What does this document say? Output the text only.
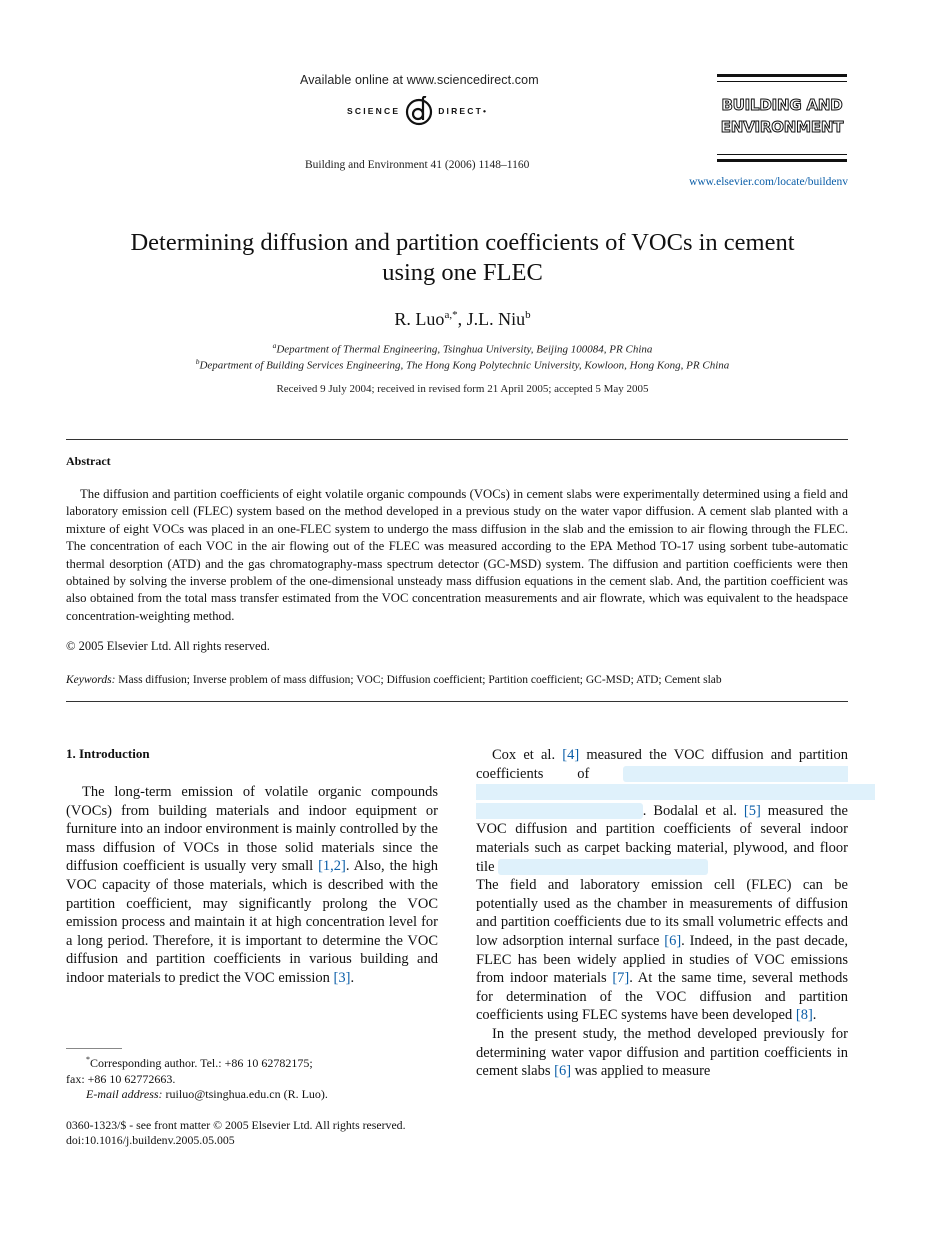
Available online at www.sciencedirect.com
SCIENCE	DIRECT •
Building and Environment 41 (2006) 1148–1160
BUILDING AND
ENVIRONMENT
www.elsevier.com/locate/buildenv
Determining diffusion and partition coefficients of VOCs in cement
using one FLEC
R. Luo$^{a,*}$, J.L. Niu$^b$
$^a$Department of Thermal Engineering, Tsinghua University, Beijing 100084, PR China
$^b$Department of Building Services Engineering, The Hong Kong Polytechnic University, Kowloon, Hong Kong, PR China
Received 9 July 2004; received in revised form 21 April 2005; accepted 5 May 2005
Abstract
The diffusion and partition coefficients of eight volatile organic compounds (VOCs) in cement slabs were experimentally determined using a field and laboratory emission cell (FLEC) system based on the method developed in a previous study on the water vapor diffusion. A cement slab planted with a mixture of eight VOCs was placed in an one-FLEC system to undergo the mass diffusion in the slab and the emission to air flowing through the FLEC. The concentration of each VOC in the air flowing out of the FLEC was measured according to the EPA Method TO-17 using sorbent tube-automatic thermal desorption (ATD) and the gas chromatography-mass spectrum detector (GC-MSD) system. The diffusion and partition coefficients were then obtained by solving the inverse problem of the one-dimensional unsteady mass diffusion equations in the cement slab. And, the partition coefficient was also obtained from the total mass transfer estimated from the VOC concentration measurements and air flowrate, which was equivalent to the headspace concentration-weighting method.
© 2005 Elsevier Ltd. All rights reserved.
Keywords: Mass diffusion; Inverse problem of mass diffusion; VOC; Diffusion coefficient; Partition coefficient; GC-MSD; ATD; Cement slab
1. Introduction
The long-term emission of volatile organic compounds (VOCs) from building materials and indoor equipment or furniture into an indoor environment is mainly controlled by the mass diffusion of VOCs in those solid materials since the diffusion coefficient is usually very small [1,2]. Also, the high VOC capacity of those materials, which is described with the partition coefficient, may significantly prolong the VOC emission process and maintain it at high concentration level for a long period. Therefore, it is important to determine the VOC diffusion and partition coefficients in various building and indoor materials to predict the VOC emission [3].

Cox et al. [4] measured the VOC diffusion and partition coefficients of xxxxxxxxxxxxxxxxxxxxxxxxxxxxxxx xxxxxxxxxxxxxxxxxxxxxxxxxxxxxxxxxxxxxxxxxxxxxxxxxxxxxxx xxxxxxxxxxxxxxxxxxxxxxx. Bodalal et al. [5] measured the VOC diffusion and partition coefficients of several indoor materials such as carpet backing material, plywood, and floor tile xxxxxxxxxxxxxxxxxxxxxxxxxxxxx

The field and laboratory emission cell (FLEC) can be potentially used as the chamber in measurements of diffusion and partition coefficients due to its small volumetric effects and low adsorption internal surface [6]. Indeed, in the past decade, FLEC has been widely applied in studies of VOC emissions from indoor materials [7]. At the same time, several methods for determination of the VOC diffusion and partition coefficients using FLEC systems have been developed [8].

In the present study, the method developed previously for determining water vapor diffusion and partition coefficients in cement slabs [6] was applied to measure

*Corresponding author. Tel.: +86 10 62782175;
fax: +86 10 62772663.
E-mail address: ruiluo@tsinghua.edu.cn (R. Luo).
0360-1323/$ - see front matter © 2005 Elsevier Ltd. All rights reserved.
doi:10.1016/j.buildenv.2005.05.005
